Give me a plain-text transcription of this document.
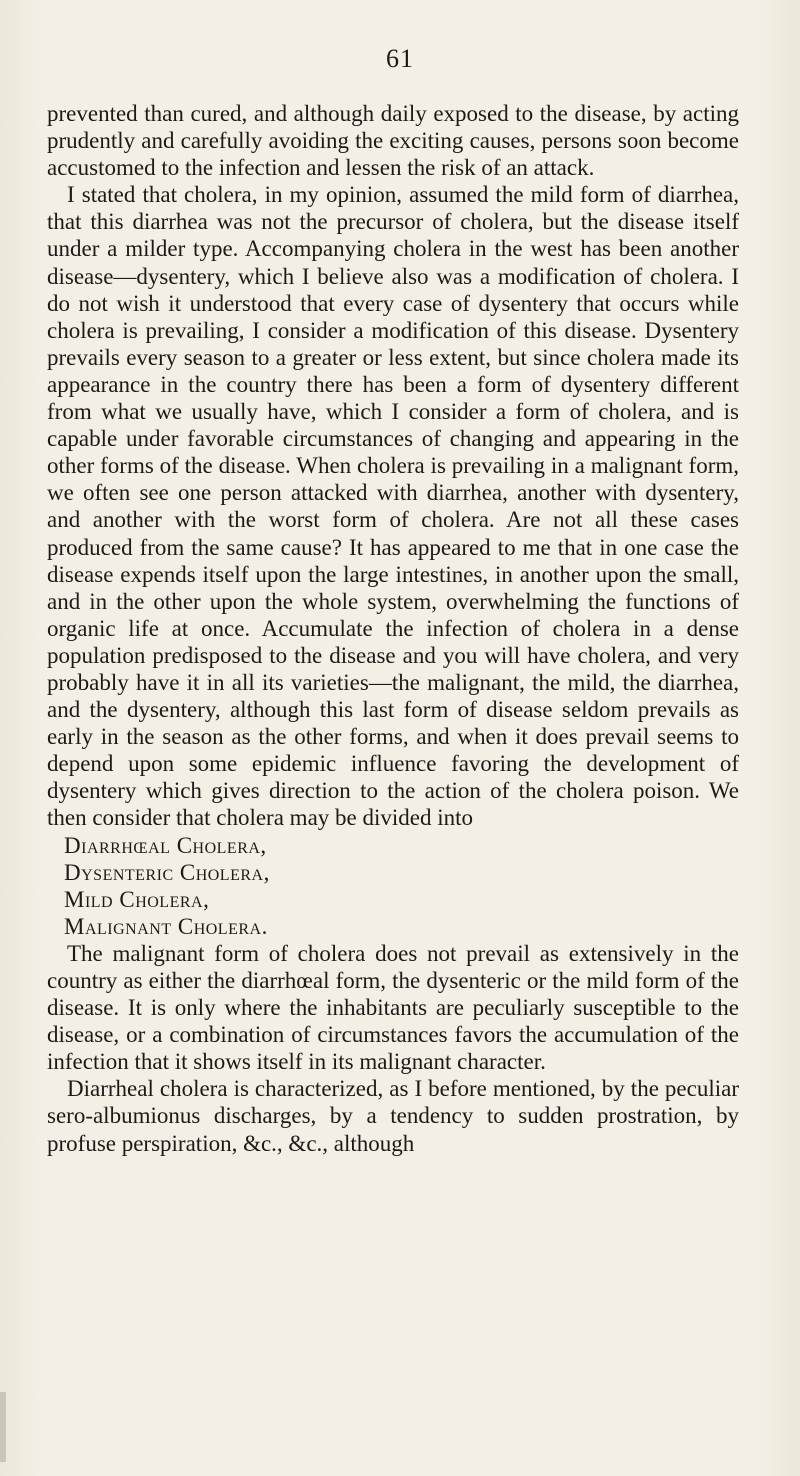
61

prevented than cured, and although daily exposed to the disease, by acting prudently and carefully avoiding the exciting causes, persons soon become accustomed to the infection and lessen the risk of an attack.

I stated that cholera, in my opinion, assumed the mild form of diarrhea, that this diarrhea was not the precursor of cholera, but the disease itself under a milder type. Accompanying cholera in the west has been another disease—dysentery, which I believe also was a modification of cholera. I do not wish it understood that every case of dysentery that occurs while cholera is prevailing, I consider a modification of this disease. Dysentery prevails every season to a greater or less extent, but since cholera made its appearance in the country there has been a form of dysentery different from what we usually have, which I consider a form of cholera, and is capable under favorable circumstances of changing and appearing in the other forms of the disease. When cholera is prevailing in a malignant form, we often see one person attacked with diarrhea, another with dysentery, and another with the worst form of cholera. Are not all these cases produced from the same cause? It has appeared to me that in one case the disease expends itself upon the large intestines, in another upon the small, and in the other upon the whole system, overwhelming the functions of organic life at once. Accumulate the infection of cholera in a dense population predisposed to the disease and you will have cholera, and very probably have it in all its varieties—the malignant, the mild, the diarrhea, and the dysentery, although this last form of disease seldom prevails as early in the season as the other forms, and when it does prevail seems to depend upon some epidemic influence favoring the development of dysentery which gives direction to the action of the cholera poison. We then consider that cholera may be divided into

Diarrhœal Cholera,
Dysenteric Cholera,
Mild Cholera,
Malignant Cholera.

The malignant form of cholera does not prevail as extensively in the country as either the diarrhœal form, the dysenteric or the mild form of the disease. It is only where the inhabitants are peculiarly susceptible to the disease, or a combination of circumstances favors the accumulation of the infection that it shows itself in its malignant character.

Diarrheal cholera is characterized, as I before mentioned, by the peculiar sero-albumionus discharges, by a tendency to sudden prostration, by profuse perspiration, &c., &c., although
